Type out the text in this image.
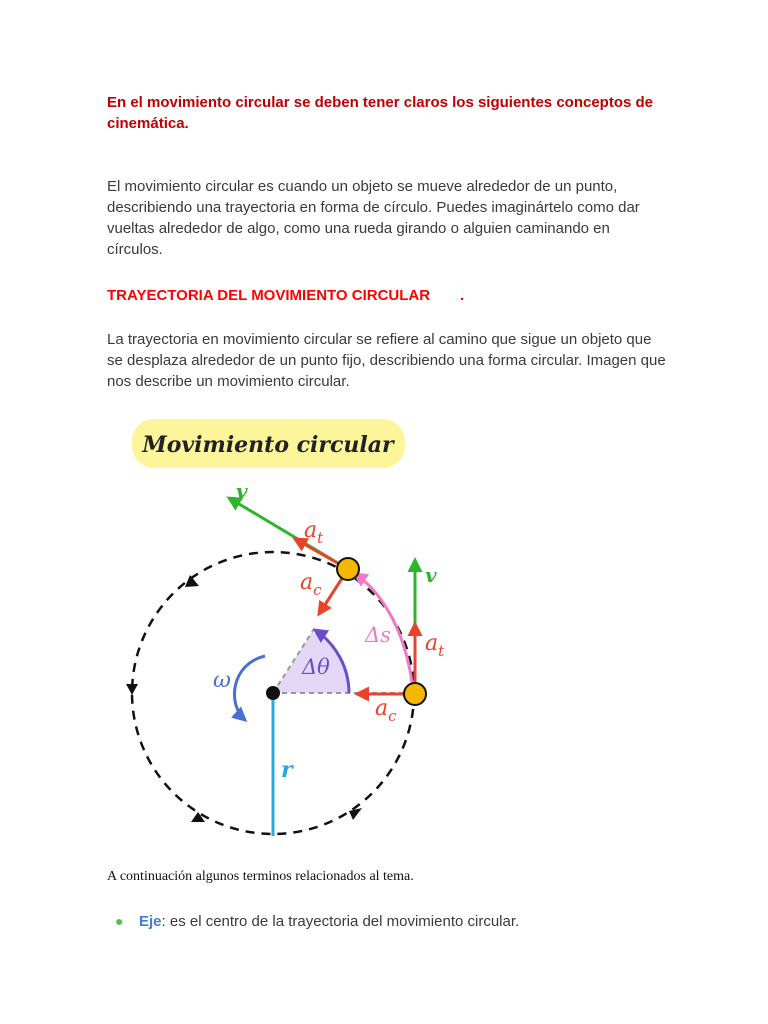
En el movimiento circular se deben tener claros los siguientes conceptos de cinemática.
El movimiento circular es cuando un objeto se mueve alrededor de un punto, describiendo una trayectoria en forma de círculo. Puedes imaginártelo como dar vueltas alrededor de algo, como una rueda girando o alguien caminando en círculos.
TRAYECTORIA DEL MOVIMIENTO CIRCULAR .
La trayectoria en movimiento circular se refiere al camino que sigue un objeto que se desplaza alrededor de un punto fijo, describiendo una forma circular. Imagen que nos describe un movimiento circular.
Movimiento circular
Δθ
Δs
ω
r
v
$a_t$
$a_c$
v
$a_t$
$a_c$
A continuación algunos terminos relacionados al tema.
● Eje: es el centro de la trayectoria del movimiento circular.
